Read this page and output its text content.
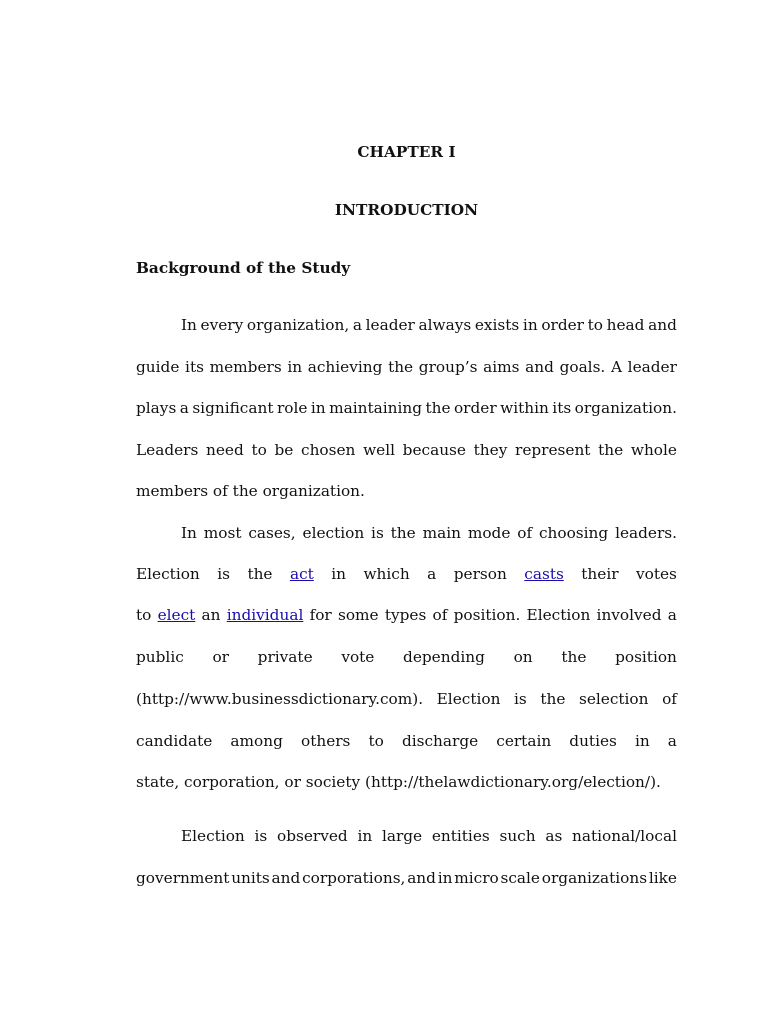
CHAPTER I
INTRODUCTION
Background of the Study
In every organization, a leader always exists in order to head and
guide its members in achieving the group’s aims and goals. A leader
plays a significant role in maintaining the order within its organization.
Leaders need to be chosen well because they represent the whole
members of the organization.
In most cases, election is the main mode of choosing leaders.
Election is the act in which a person casts their votes
to elect an individual for some types of position. Election involved a
public or private vote depending on the position
(http://www.businessdictionary.com). Election is the selection of
candidate among others to discharge certain duties in a
state, corporation, or society (http://thelawdictionary.org/election/).
Election is observed in large entities such as national/local
government units and corporations, and in micro scale organizations like
